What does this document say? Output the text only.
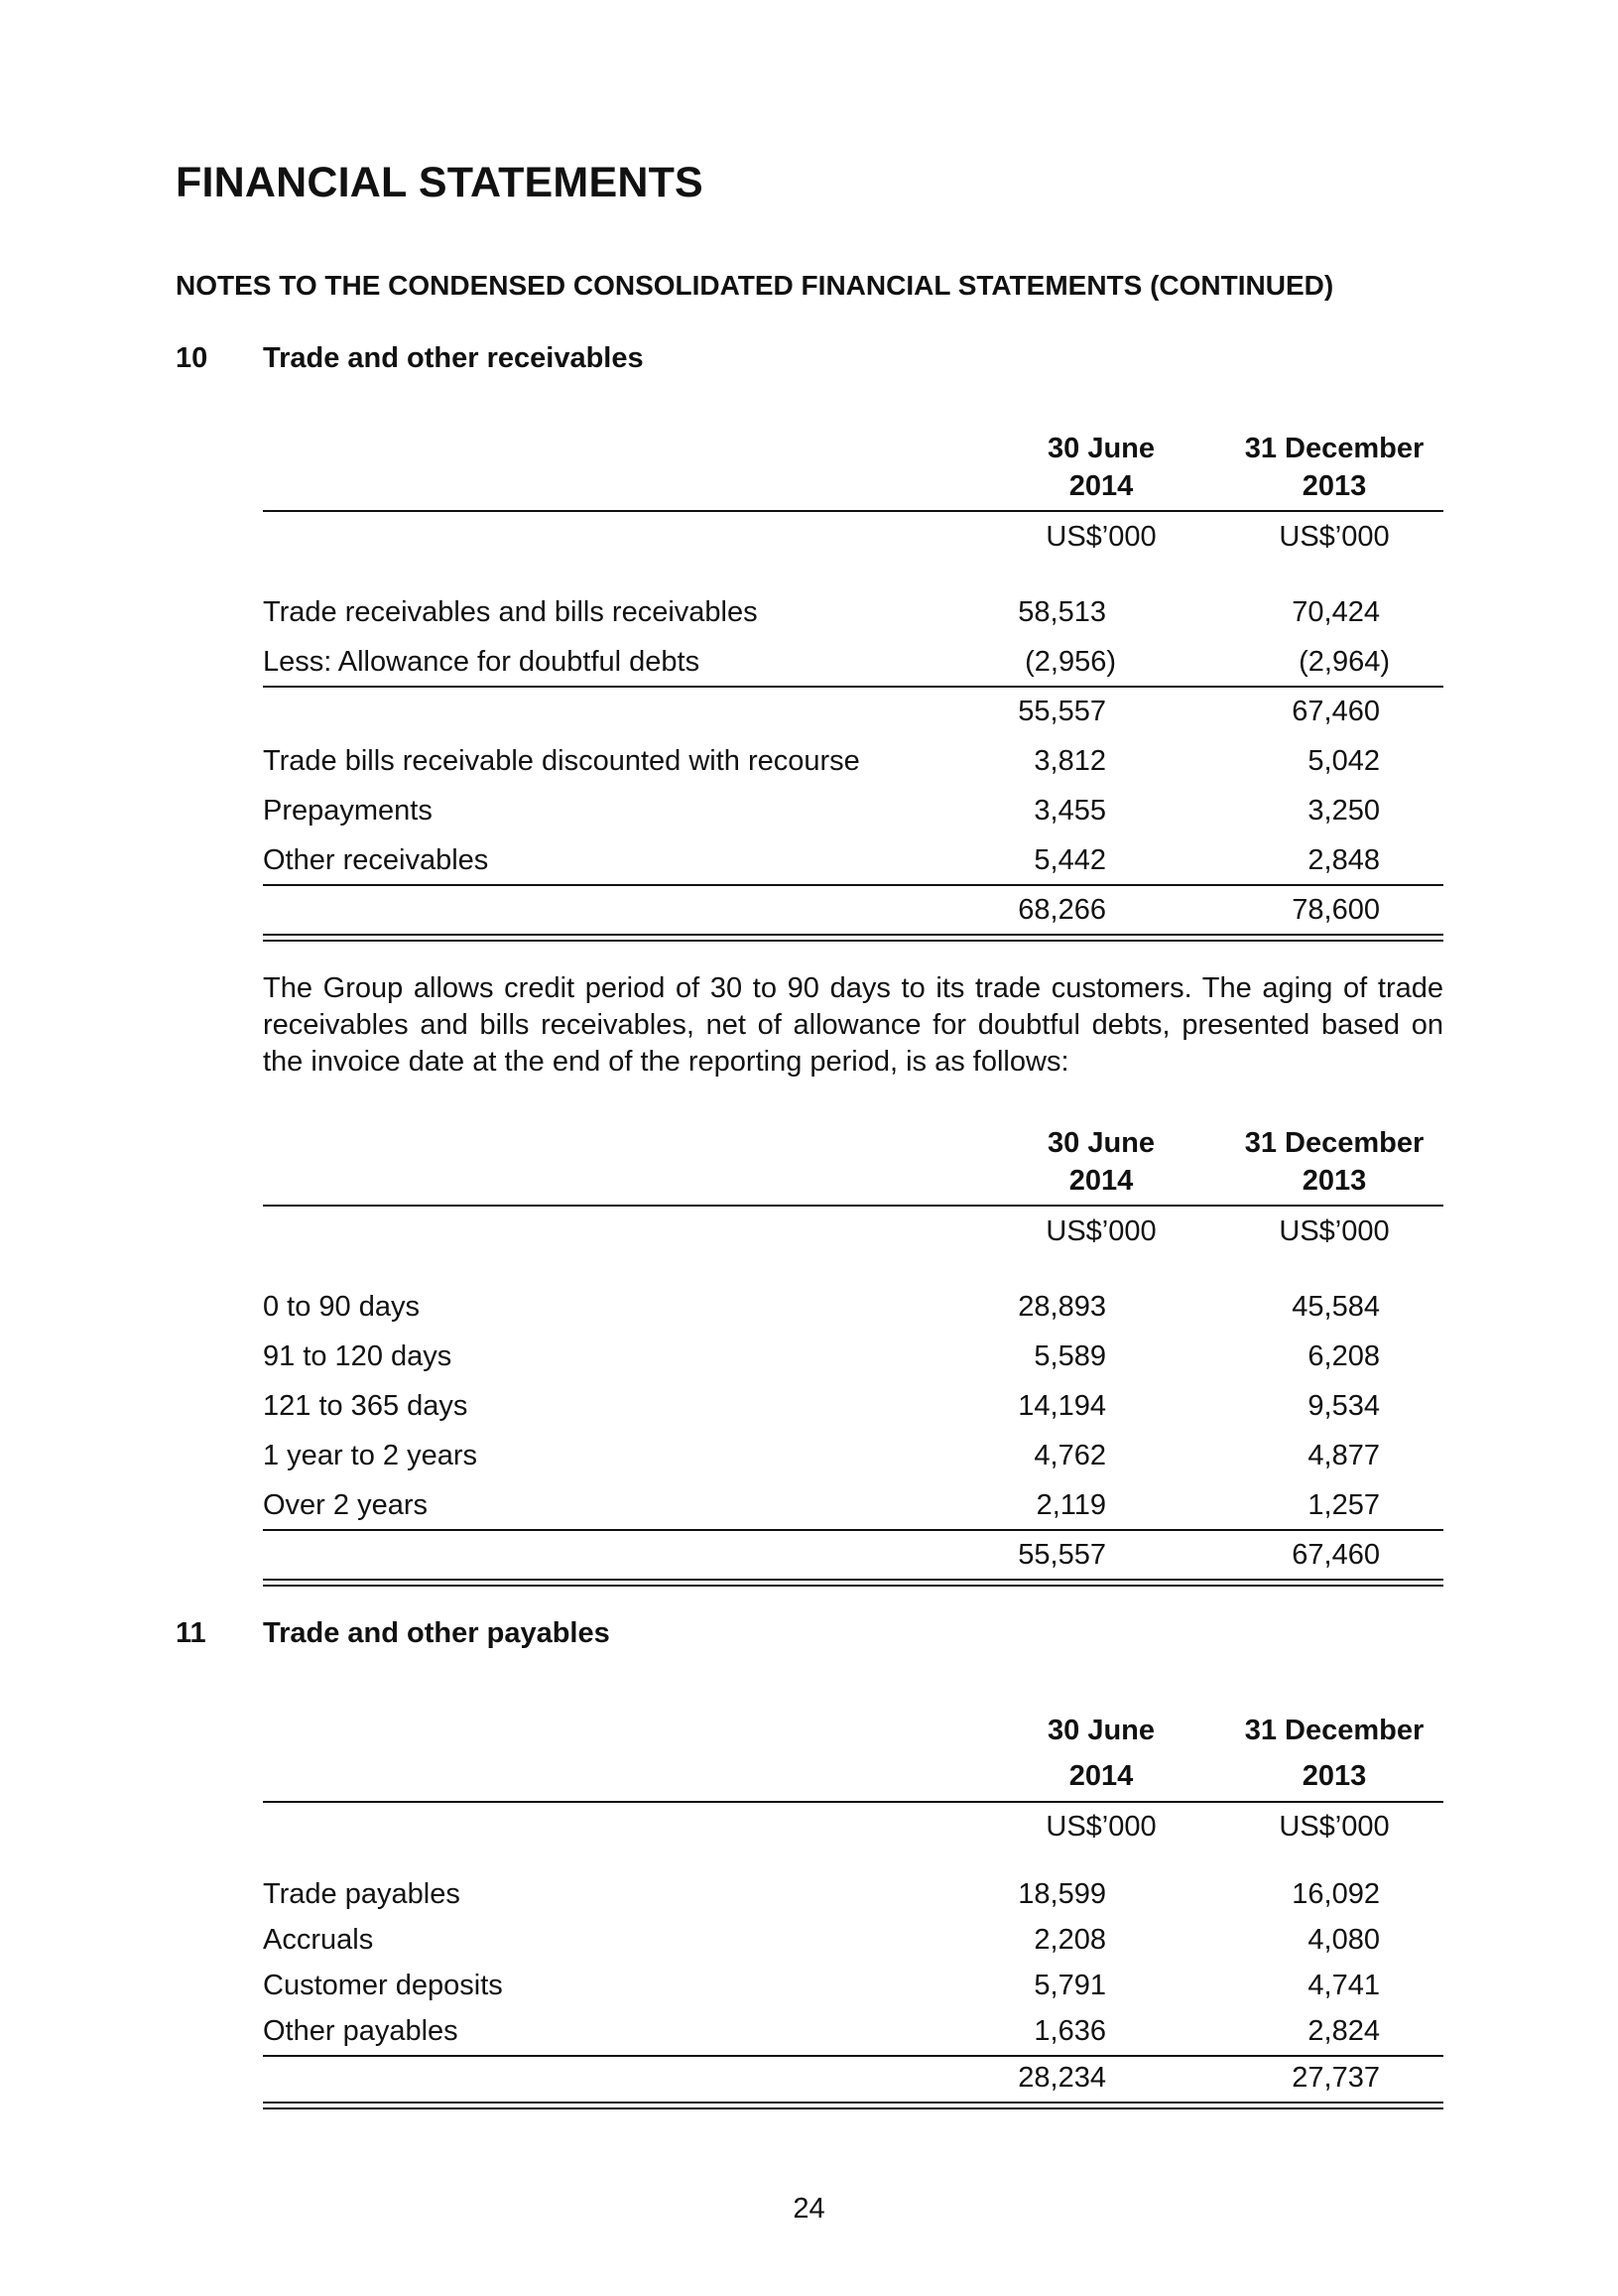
FINANCIAL STATEMENTS
NOTES TO THE CONDENSED CONSOLIDATED FINANCIAL STATEMENTS (CONTINUED)
10 Trade and other receivables
30 June
2014
31 December
2013
US$’000	US$’000
Trade receivables and bills receivables	58,513	70,424
Less: Allowance for doubtful debts	(2,956)	(2,964)
55,557	67,460
Trade bills receivable discounted with recourse	3,812	5,042
Prepayments	3,455	3,250
Other receivables	5,442	2,848
68,266	78,600
The Group allows credit period of 30 to 90 days to its trade customers. The aging of trade receivables and bills receivables, net of allowance for doubtful debts, presented based on the invoice date at the end of the reporting period, is as follows:
30 June
2014
31 December
2013
US$’000	US$’000
0 to 90 days	28,893	45,584
91 to 120 days	5,589	6,208
121 to 365 days	14,194	9,534
1 year to 2 years	4,762	4,877
Over 2 years	2,119	1,257
55,557	67,460
11 Trade and other payables
30 June
2014
31 December
2013
US$’000	US$’000
Trade payables	18,599	16,092
Accruals	2,208	4,080
Customer deposits	5,791	4,741
Other payables	1,636	2,824
28,234	27,737
24
